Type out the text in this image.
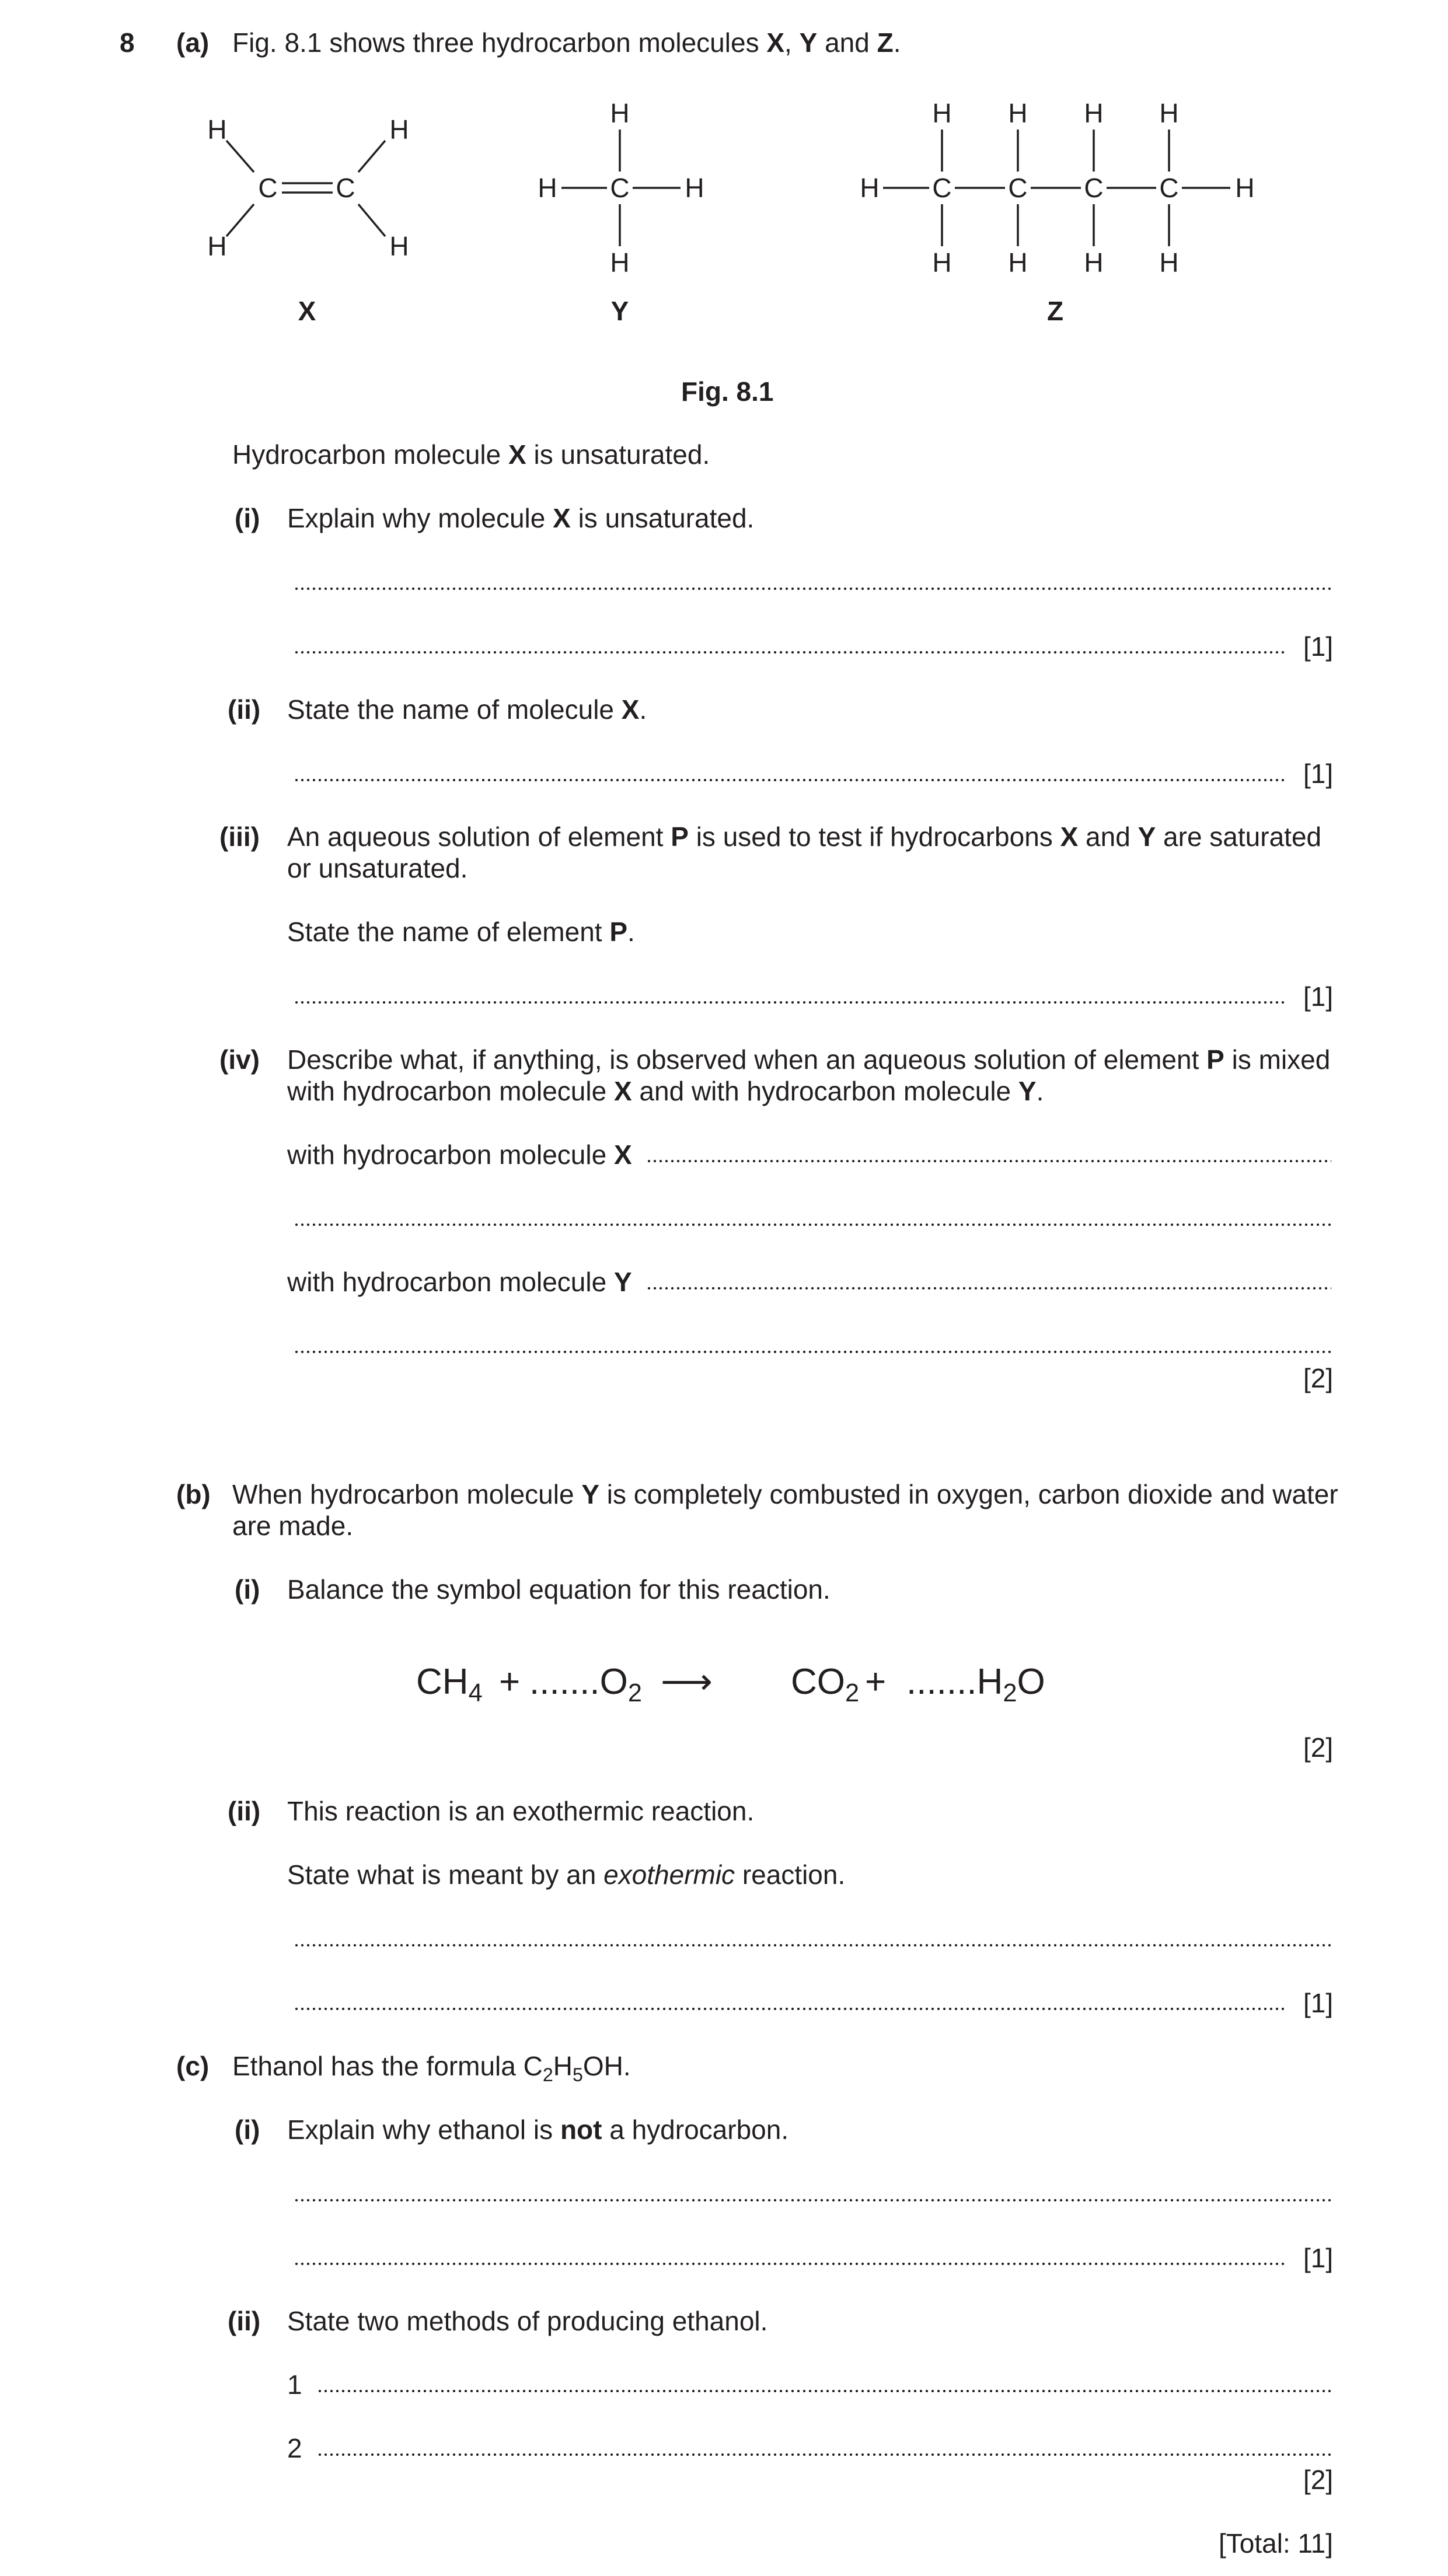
8 (a) Fig. 8.1 shows three hydrocarbon molecules X, Y and Z.
H	H
H	H
C C
H
C
H	H
H
H	H
C C C C
H H H H
H H H H
X	Y	Z
Fig. 8.1
Hydrocarbon molecule X is unsaturated.
(i) Explain why molecule X is unsaturated.
[1]
(ii) State the name of molecule X.
[1]
(iii) An aqueous solution of element P is used to test if hydrocarbons X and Y are saturated
or unsaturated.
State the name of element P.
[1]
(iv) Describe what, if anything, is observed when an aqueous solution of element P is mixed
with hydrocarbon molecule X and with hydrocarbon molecule Y.
with hydrocarbon molecule X
with hydrocarbon molecule Y
[2]
(b) When hydrocarbon molecule Y is completely combusted in oxygen, carbon dioxide and water
are made.
(i) Balance the symbol equation for this reaction.
$CH_4 + .......O_2$ ⟶ $CO_2 + .......H_2O$
[2]
(ii) This reaction is an exothermic reaction.
State what is meant by an exothermic reaction.
[1]
(c) Ethanol has the formula $C_2H_5OH$.
(i) Explain why ethanol is not a hydrocarbon.
[1]
(ii) State two methods of producing ethanol.
1
2
[2]
[Total: 11]
